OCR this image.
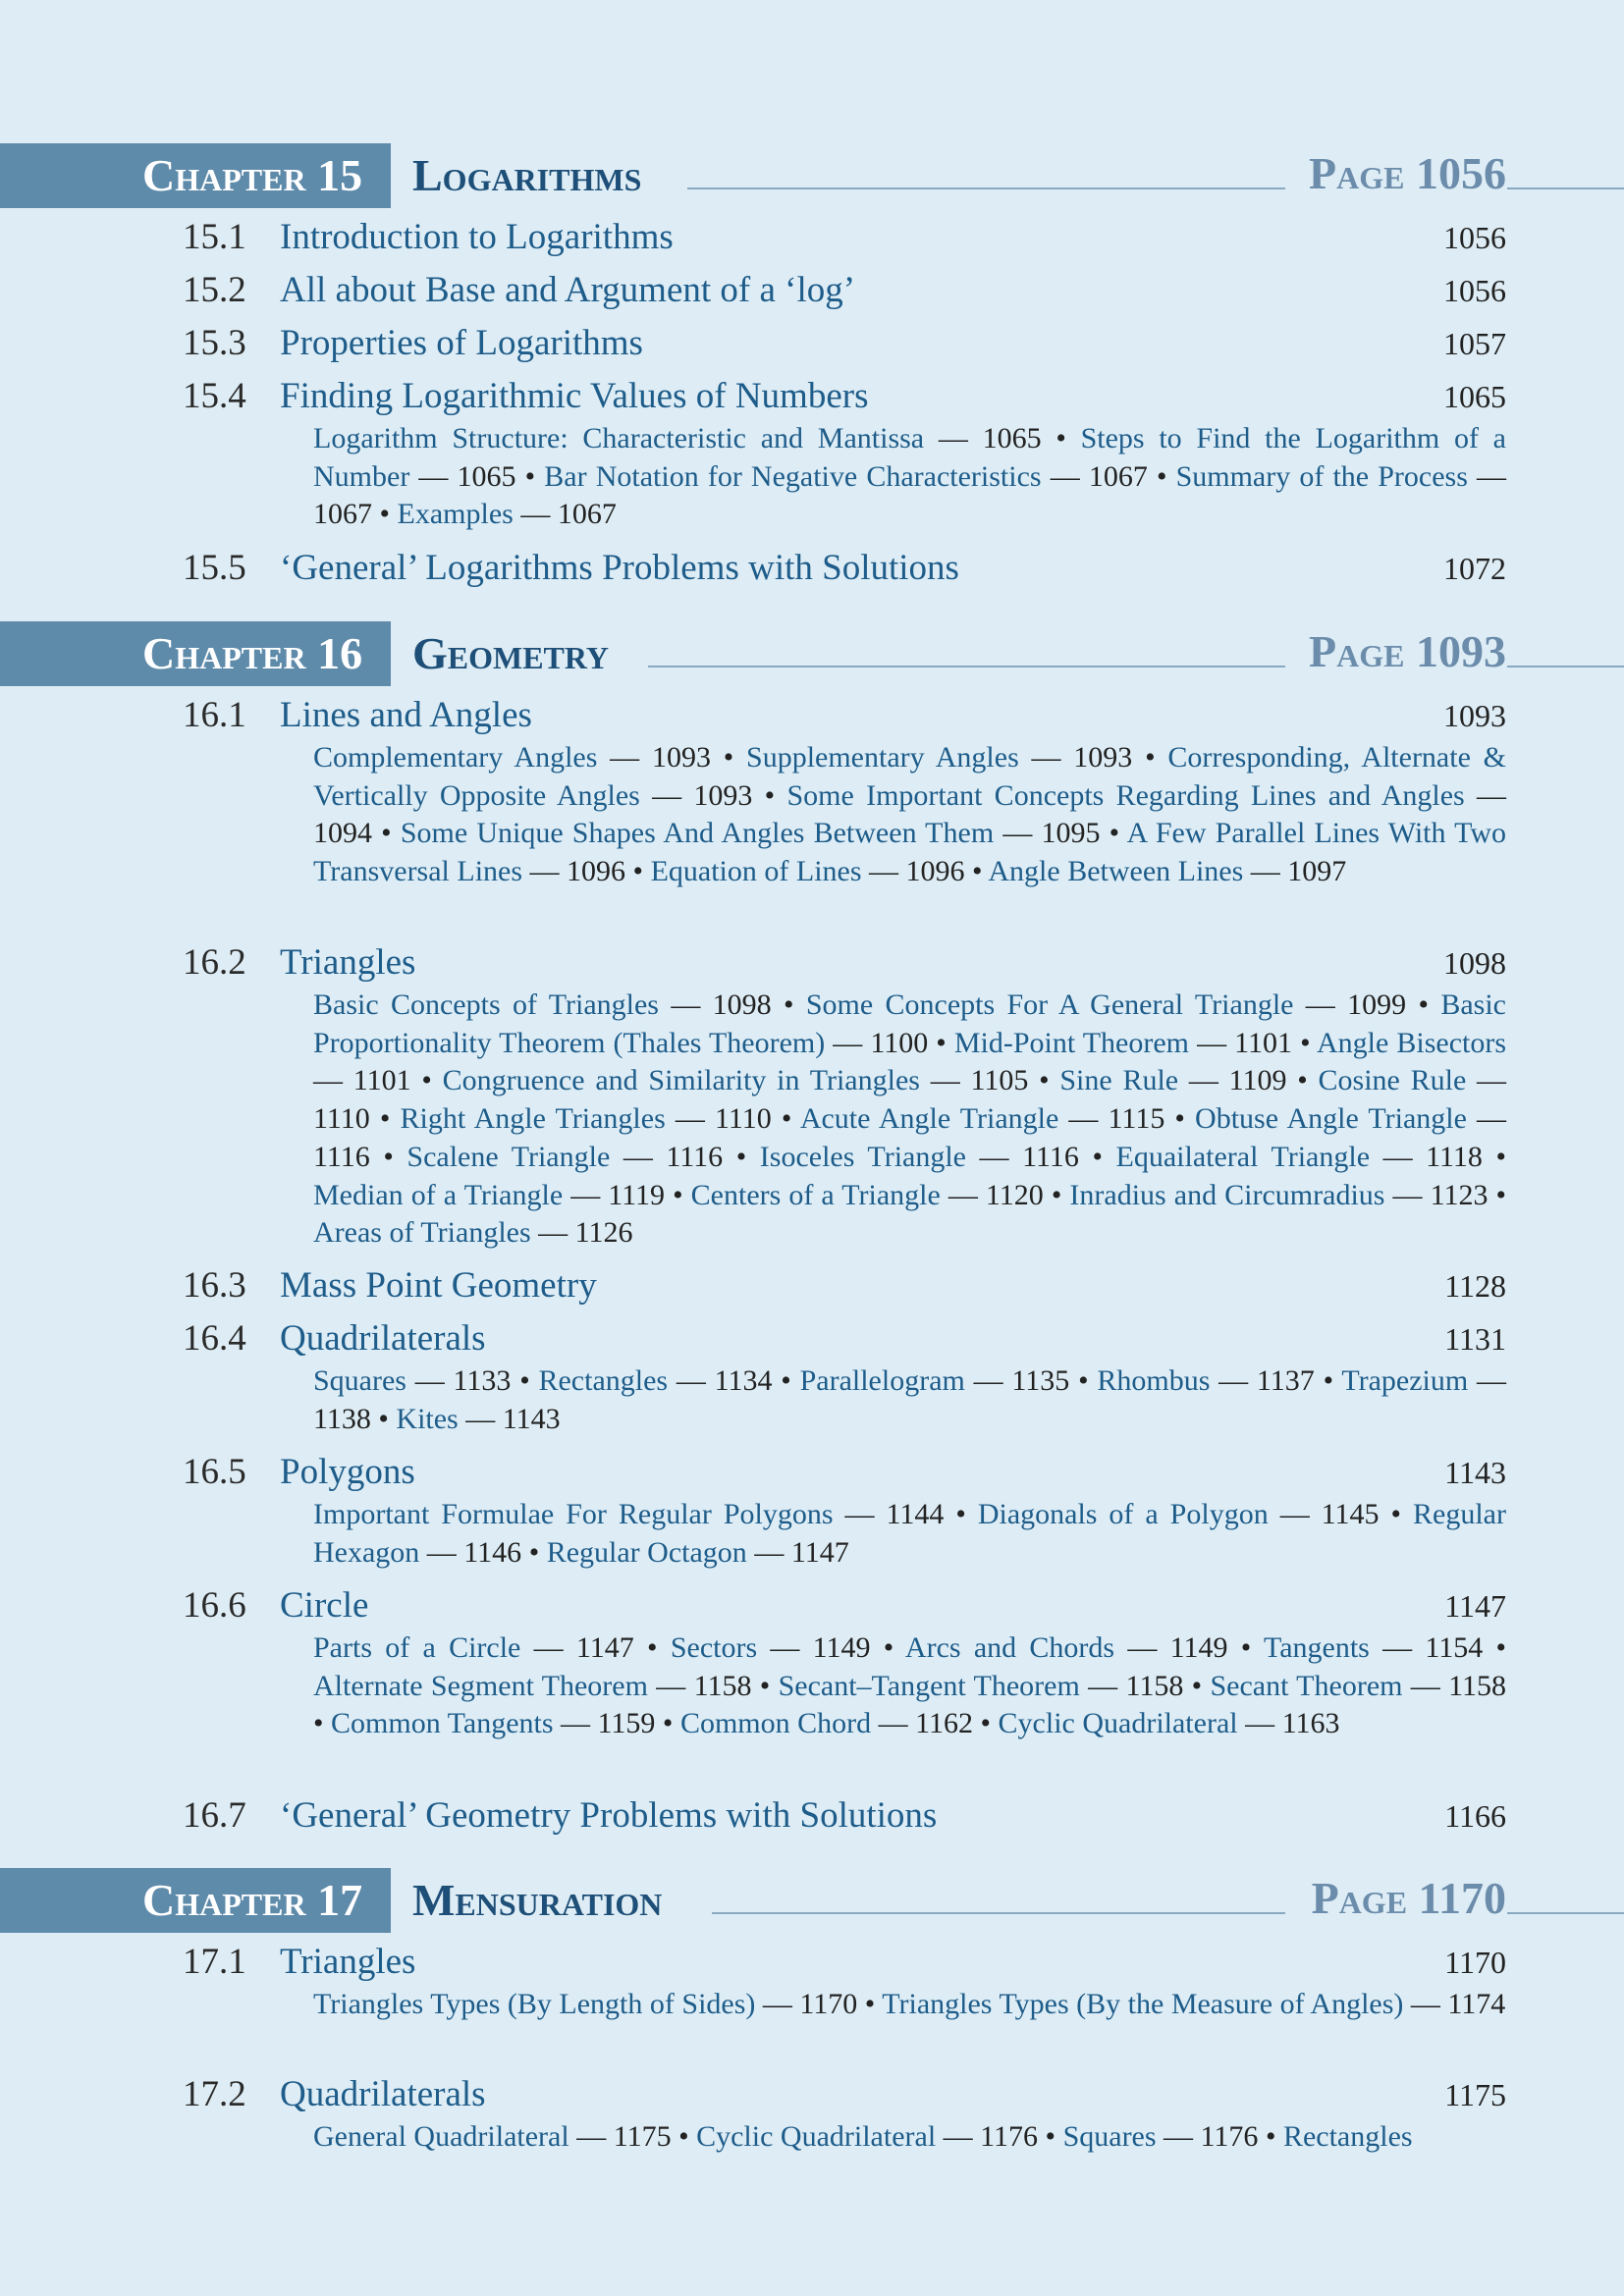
Chapter 15 Logarithms	Page 1056
15.1 Introduction to Logarithms	1056
15.2 All about Base and Argument of a ‘log’	1056
15.3 Properties of Logarithms	1057
15.4 Finding Logarithmic Values of Numbers	1065
Logarithm Structure: Characteristic and Mantissa — 1065 • Steps to Find the Logarithm of a Number — 1065 • Bar Notation for Negative Characteristics — 1067 • Summary of the Process — 1067 • Examples — 1067
15.5 ‘General’ Logarithms Problems with Solutions	1072
Chapter 16 Geometry	Page 1093
16.1 Lines and Angles	1093
Complementary Angles — 1093 • Supplementary Angles — 1093 • Corresponding, Alternate & Vertically Opposite Angles — 1093 • Some Important Concepts Regarding Lines and Angles — 1094 • Some Unique Shapes And Angles Between Them — 1095 • A Few Parallel Lines With Two Transversal Lines — 1096 • Equation of Lines — 1096 • Angle Between Lines — 1097
16.2 Triangles	1098
Basic Concepts of Triangles — 1098 • Some Concepts For A General Triangle — 1099 • Basic Proportionality Theorem (Thales Theorem) — 1100 • Mid-Point Theorem — 1101 • Angle Bisectors — 1101 • Congruence and Similarity in Triangles — 1105 • Sine Rule — 1109 • Cosine Rule — 1110 • Right Angle Triangles — 1110 • Acute Angle Triangle — 1115 • Obtuse Angle Triangle — 1116 • Scalene Triangle — 1116 • Isoceles Triangle — 1116 • Equailateral Triangle — 1118 • Median of a Triangle — 1119 • Centers of a Triangle — 1120 • Inradius and Circumradius — 1123 • Areas of Triangles — 1126
16.3 Mass Point Geometry	1128
16.4 Quadrilaterals	1131
Squares — 1133 • Rectangles — 1134 • Parallelogram — 1135 • Rhombus — 1137 • Trapezium — 1138 • Kites — 1143
16.5 Polygons	1143
Important Formulae For Regular Polygons — 1144 • Diagonals of a Polygon — 1145 • Regular Hexagon — 1146 • Regular Octagon — 1147
16.6 Circle	1147
Parts of a Circle — 1147 • Sectors — 1149 • Arcs and Chords — 1149 • Tangents — 1154 • Alternate Segment Theorem — 1158 • Secant–Tangent Theorem — 1158 • Secant Theorem — 1158 • Common Tangents — 1159 • Common Chord — 1162 • Cyclic Quadrilateral — 1163
16.7 ‘General’ Geometry Problems with Solutions	1166
Chapter 17 Mensuration	Page 1170
17.1 Triangles	1170
Triangles Types (By Length of Sides) — 1170 • Triangles Types (By the Measure of Angles) — 1174
17.2 Quadrilaterals	1175
General Quadrilateral — 1175 • Cyclic Quadrilateral — 1176 • Squares — 1176 • Rectangles
